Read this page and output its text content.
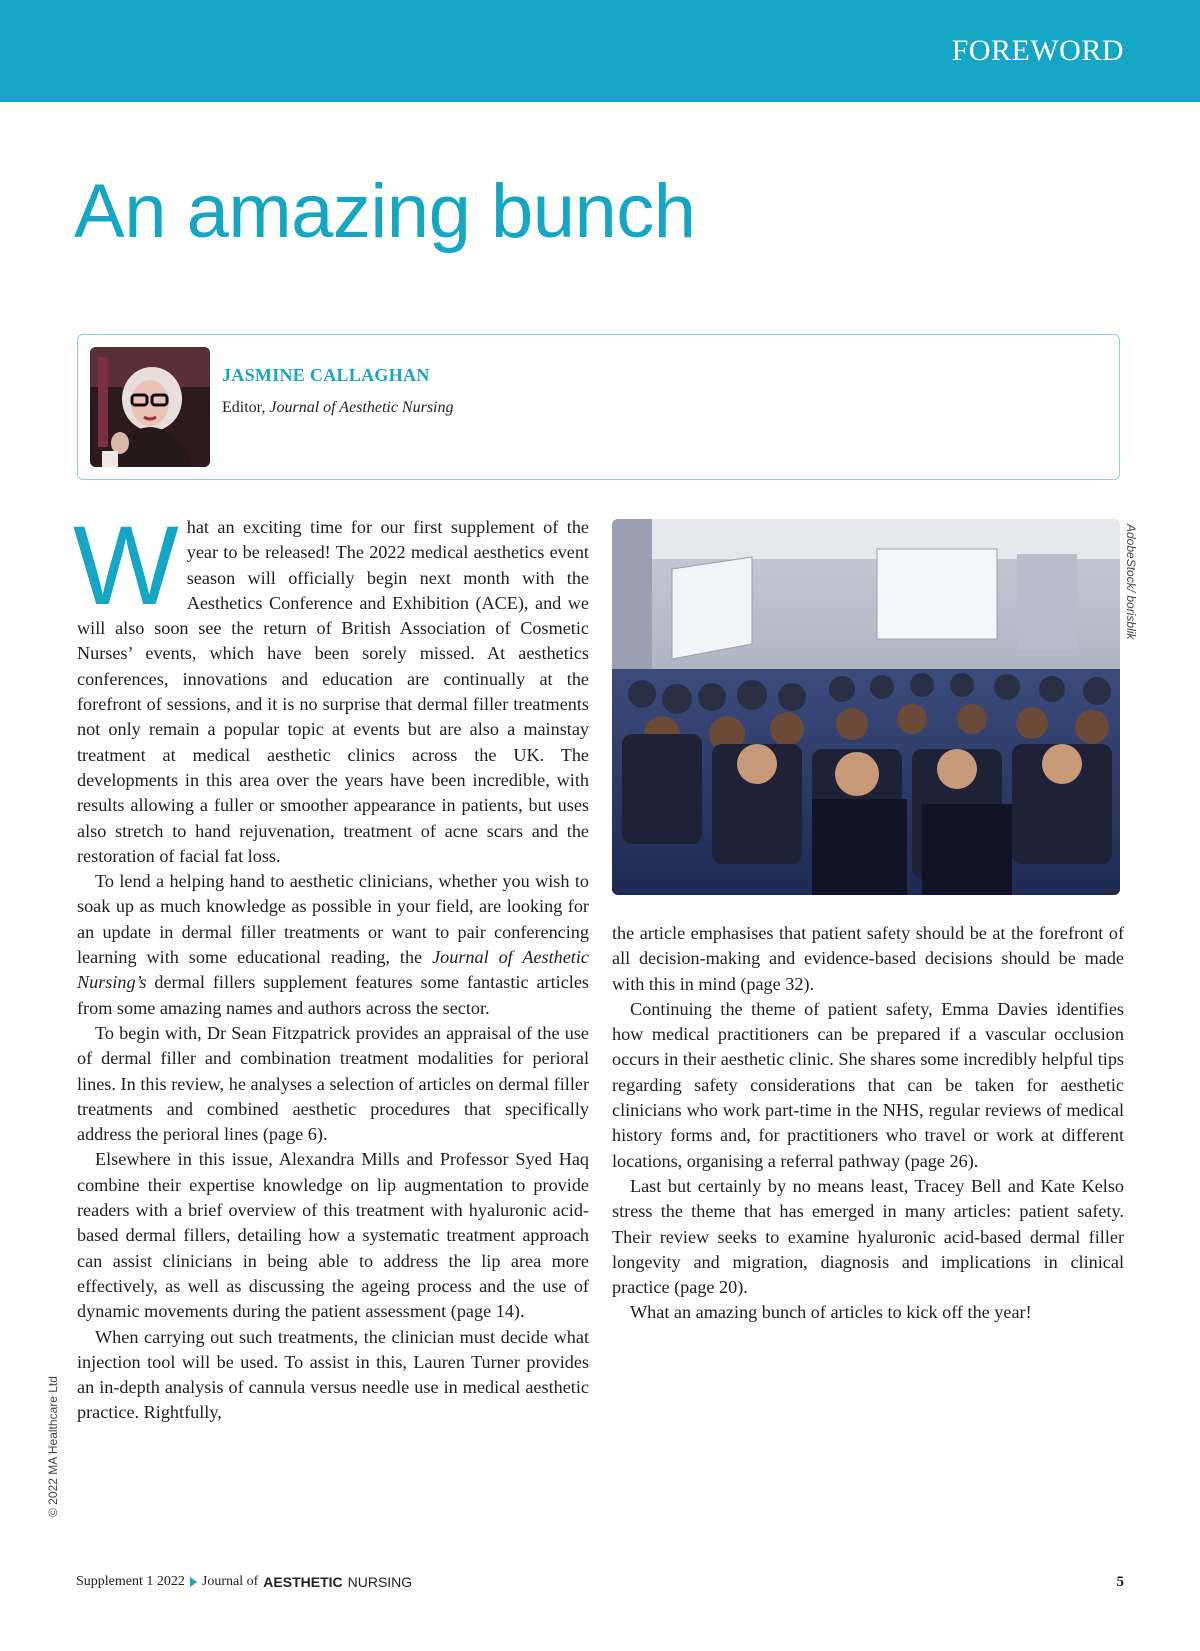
FOREWORD
An amazing bunch
JASMINE CALLAGHAN
Editor, Journal of Aesthetic Nursing

What an exciting time for our first supplement of the year to be released! The 2022 medical aesthetics event season will officially begin next month with the Aesthetics Conference and Exhibition (ACE), and we will also soon see the return of British Association of Cosmetic Nurses’ events, which have been sorely missed. At aesthetics conferences, innovations and education are continually at the forefront of sessions, and it is no surprise that dermal filler treatments not only remain a popular topic at events but are also a mainstay treatment at medical aesthetic clinics across the UK. The developments in this area over the years have been incredible, with results allowing a fuller or smoother appearance in patients, but uses also stretch to hand rejuvenation, treatment of acne scars and the restoration of facial fat loss.

To lend a helping hand to aesthetic clinicians, whether you wish to soak up as much knowledge as possible in your field, are looking for an update in dermal filler treatments or want to pair conferencing learning with some educational reading, the Journal of Aesthetic Nursing’s dermal fillers supplement features some fantastic articles from some amazing names and authors across the sector.

To begin with, Dr Sean Fitzpatrick provides an appraisal of the use of dermal filler and combination treatment modalities for perioral lines. In this review, he analyses a selection of articles on dermal filler treatments and combined aesthetic procedures that specifically address the perioral lines (page 6).

Elsewhere in this issue, Alexandra Mills and Professor Syed Haq combine their expertise knowledge on lip augmentation to provide readers with a brief overview of this treatment with hyaluronic acid-based dermal fillers, detailing how a systematic treatment approach can assist clinicians in being able to address the lip area more effectively, as well as discussing the ageing process and the use of dynamic movements during the patient assessment (page 14).

When carrying out such treatments, the clinician must decide what injection tool will be used. To assist in this, Lauren Turner provides an in-depth analysis of cannula versus needle use in medical aesthetic practice. Rightfully,

AdobeStock/ borisblik

the article emphasises that patient safety should be at the forefront of all decision-making and evidence-based decisions should be made with this in mind (page 32).

Continuing the theme of patient safety, Emma Davies identifies how medical practitioners can be prepared if a vascular occlusion occurs in their aesthetic clinic. She shares some incredibly helpful tips regarding safety considerations that can be taken for aesthetic clinicians who work part-time in the NHS, regular reviews of medical history forms and, for practitioners who travel or work at different locations, organising a referral pathway (page 26).

Last but certainly by no means least, Tracey Bell and Kate Kelso stress the theme that has emerged in many articles: patient safety. Their review seeks to examine hyaluronic acid-based dermal filler longevity and migration, diagnosis and implications in clinical practice (page 20).

What an amazing bunch of articles to kick off the year!

© 2022 MA Healthcare Ltd
Supplement 1 2022 Journal of AESTHETIC NURSING	5
